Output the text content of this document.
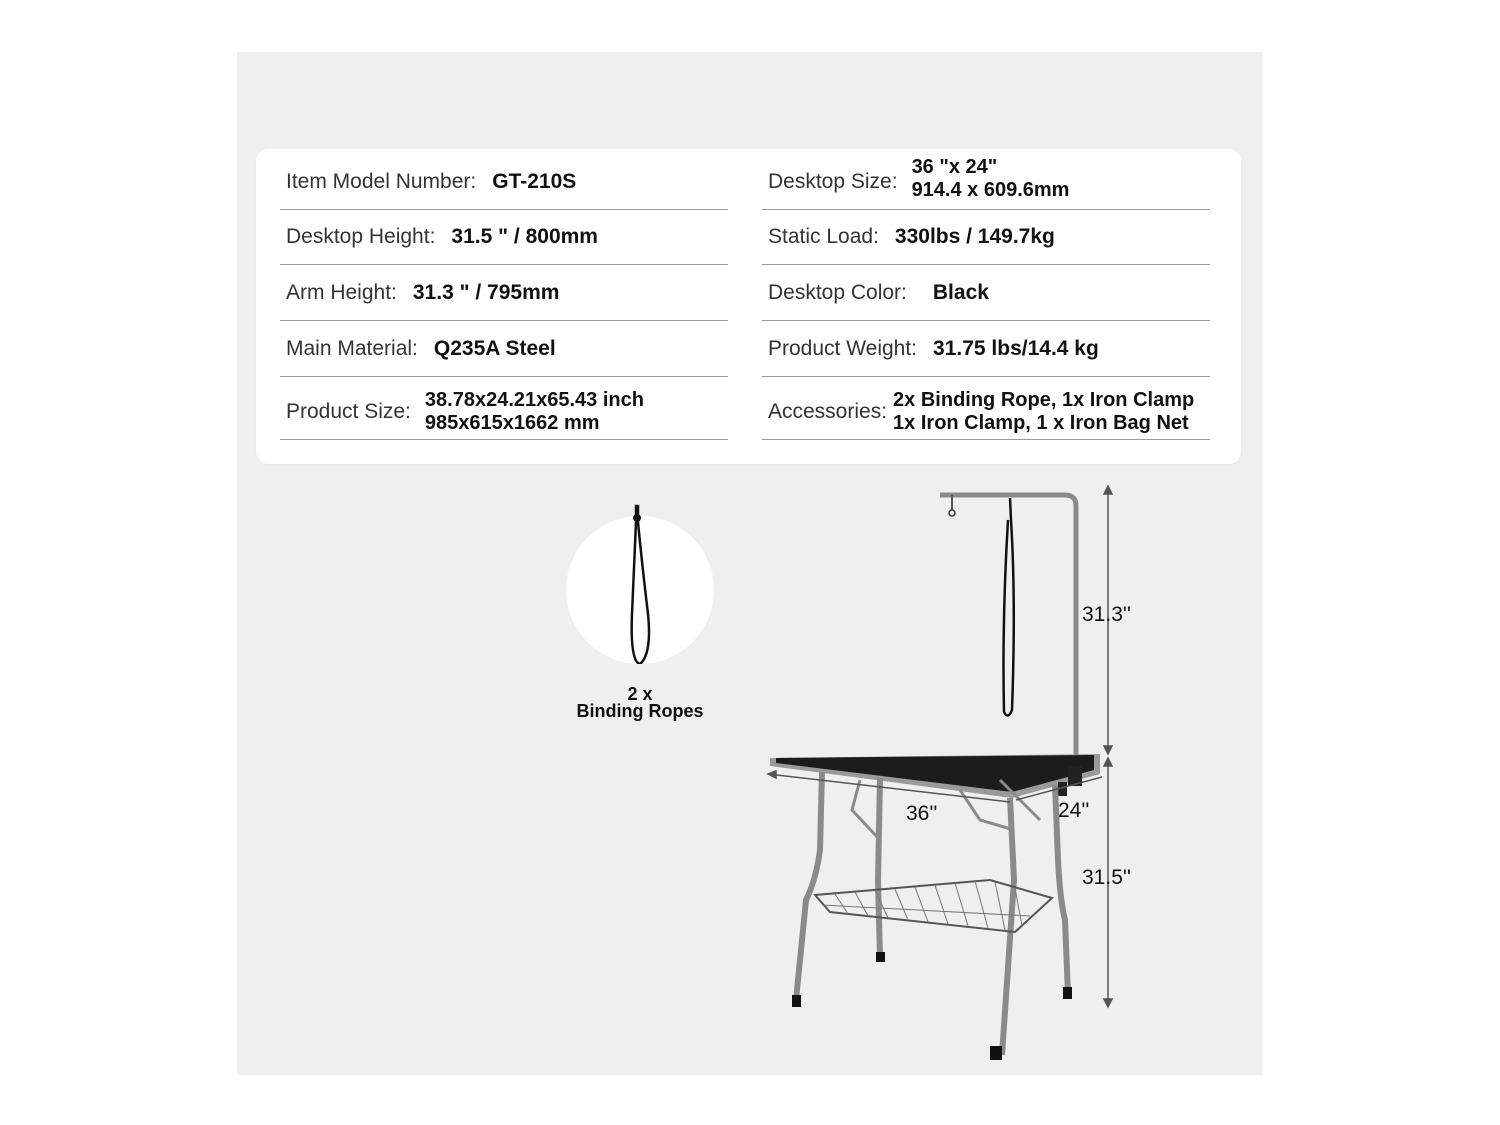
Item Model Number: GT-210S
Desktop Height: 31.5 " / 800mm
Arm Height: 31.3 " / 795mm
Main Material: Q235A Steel
Product Size: 38.78x24.21x65.43 inch
985x615x1662 mm
Desktop Size:
36 "x 24"
914.4 x 609.6mm
Static Load: 330lbs / 149.7kg
Desktop Color: Black
Product Weight: 31.75 lbs/14.4 kg
Accessories: 2x Binding Rope, 1x Iron Clamp
1x Iron Clamp, 1 x Iron Bag Net
2 x
Binding Ropes
31.3''
31.5''
36''	24''
